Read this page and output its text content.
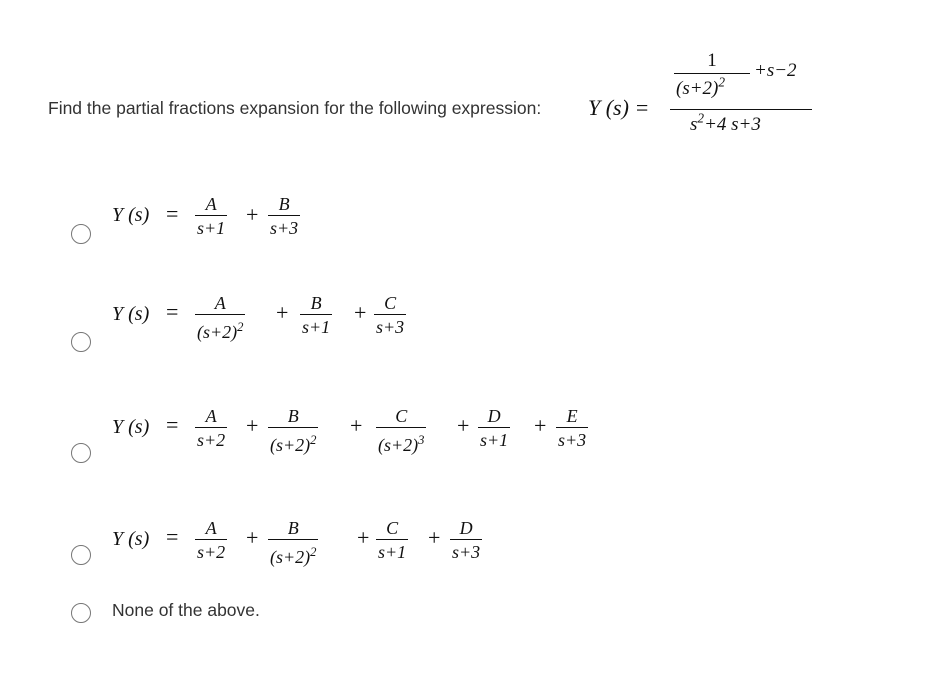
Find the partial fractions expansion for the following expression: Y (s) =
1
$(s+2)^2$
+s−2
$s^2+4$ s+3
Y $(s) = \frac{A}{s+1} \frac{B}{s+3}$
+
Y $(s) = \frac{A}{(s+2)^2}$	$\frac{B}{s+1} \frac{C}{s+3}$
+	+
Y $(s) = \frac{A}{s+2} \frac{B}{(s+2)^2}$	$\frac{C}{(s+2)^3}$	$\frac{D}{s+1}$	$\frac{E}{s+3}$
+	+	+	+
Y $(s) = \frac{A}{s+2} \frac{B}{(s+2)^2}$	$\frac{C}{s+1} \frac{D}{s+3}$
+	+	+
None of the above.
